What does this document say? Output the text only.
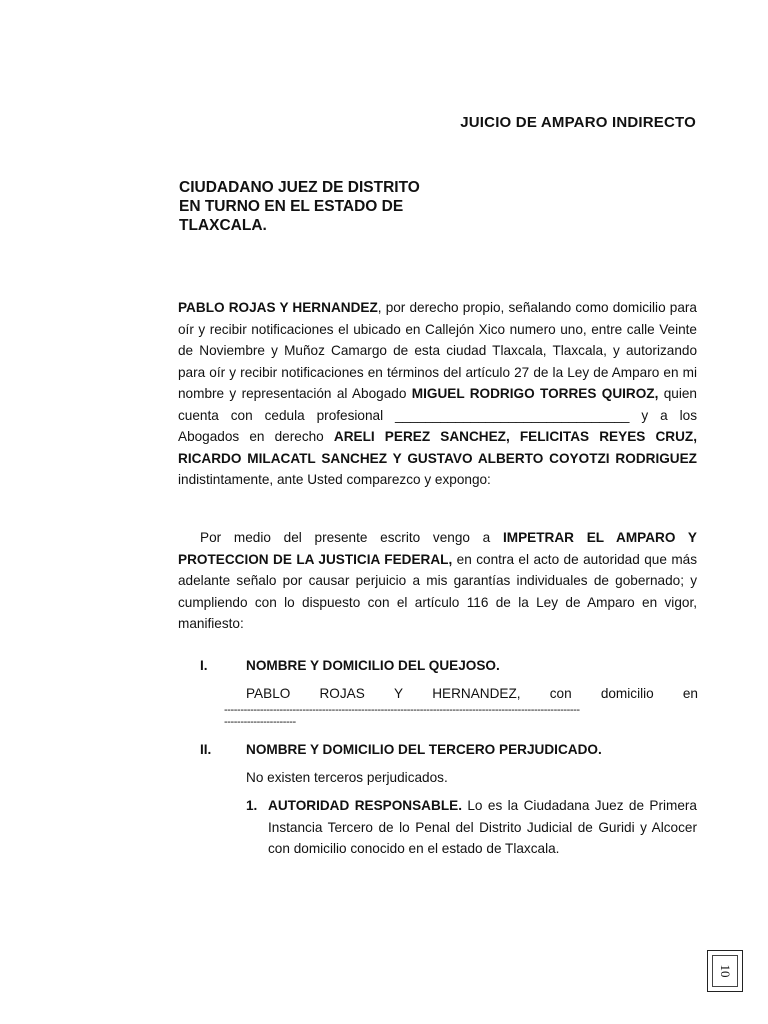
JUICIO DE AMPARO INDIRECTO
CIUDADANO JUEZ DE DISTRITO
EN TURNO EN EL ESTADO DE
TLAXCALA.
PABLO ROJAS Y HERNANDEZ, por derecho propio, señalando como domicilio para oír y recibir notificaciones el ubicado en Callejón Xico numero uno, entre calle Veinte de Noviembre y Muñoz Camargo de esta ciudad Tlaxcala, Tlaxcala, y autorizando para oír y recibir notificaciones en términos del artículo 27 de la Ley de Amparo en mi nombre y representación al Abogado MIGUEL RODRIGO TORRES QUIROZ, quien cuenta con cedula profesional _______________________________ y a los Abogados en derecho ARELI PEREZ SANCHEZ, FELICITAS REYES CRUZ, RICARDO MILACATL SANCHEZ Y GUSTAVO ALBERTO COYOTZI RODRIGUEZ indistintamente, ante Usted comparezco y expongo:
Por medio del presente escrito vengo a IMPETRAR EL AMPARO Y PROTECCION DE LA JUSTICIA FEDERAL, en contra el acto de autoridad que más adelante señalo por causar perjuicio a mis garantías individuales de gobernado; y cumpliendo con lo dispuesto con el artículo 116 de la Ley de Amparo en vigor, manifiesto:
I.	NOMBRE Y DOMICILIO DEL QUEJOSO.
PABLO ROJAS Y HERNANDEZ, con domicilio en
-------------------------------------------------------------------------------------------------------------
----------------------
II.	NOMBRE Y DOMICILIO DEL TERCERO PERJUDICADO.
No existen terceros perjudicados.
1. AUTORIDAD RESPONSABLE. Lo es la Ciudadana Juez de Primera Instancia Tercero de lo Penal del Distrito Judicial de Guridi y Alcocer con domicilio conocido en el estado de Tlaxcala.
10
